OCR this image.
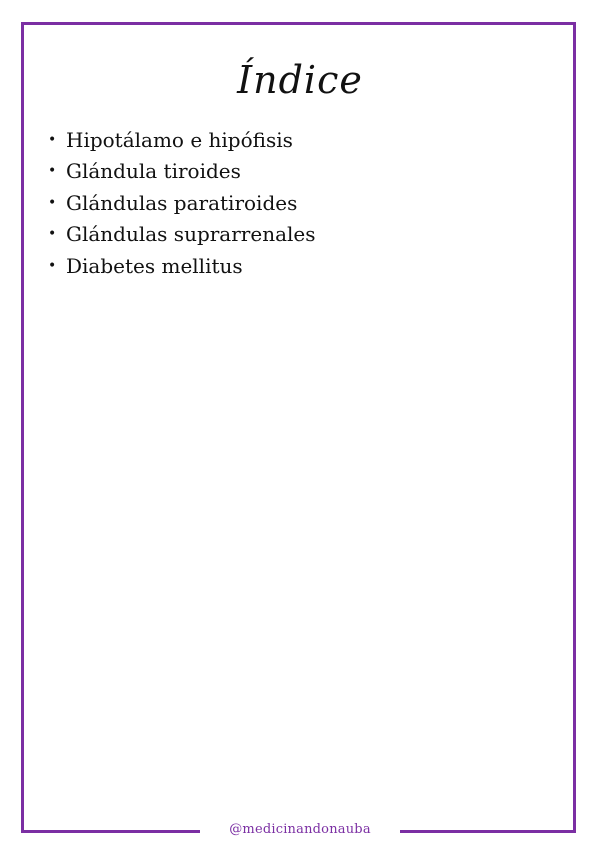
Índice
• Hipotálamo e hipófisis
• Glándula tiroides
• Glándulas paratiroides
• Glándulas suprarrenales
• Diabetes mellitus
@medicinandonauba
